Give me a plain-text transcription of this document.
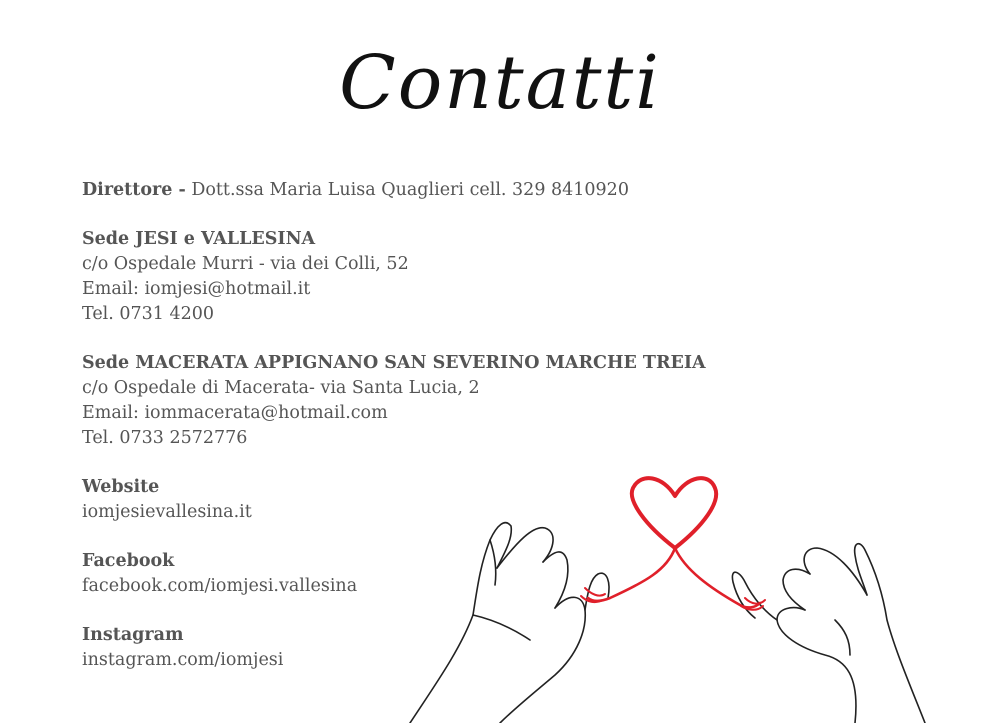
Contatti
Direttore - Dott.ssa Maria Luisa Quaglieri cell. 329 8410920
Sede JESI e VALLESINA
c/o Ospedale Murri - via dei Colli, 52
Email: iomjesi@hotmail.it
Tel. 0731 4200
Sede MACERATA APPIGNANO SAN SEVERINO MARCHE TREIA
c/o Ospedale di Macerata- via Santa Lucia, 2
Email: iommacerata@hotmail.com
Tel. 0733 2572776
Website
iomjesievallesina.it
Facebook
facebook.com/iomjesi.vallesina
Instagram
instagram.com/iomjesi
